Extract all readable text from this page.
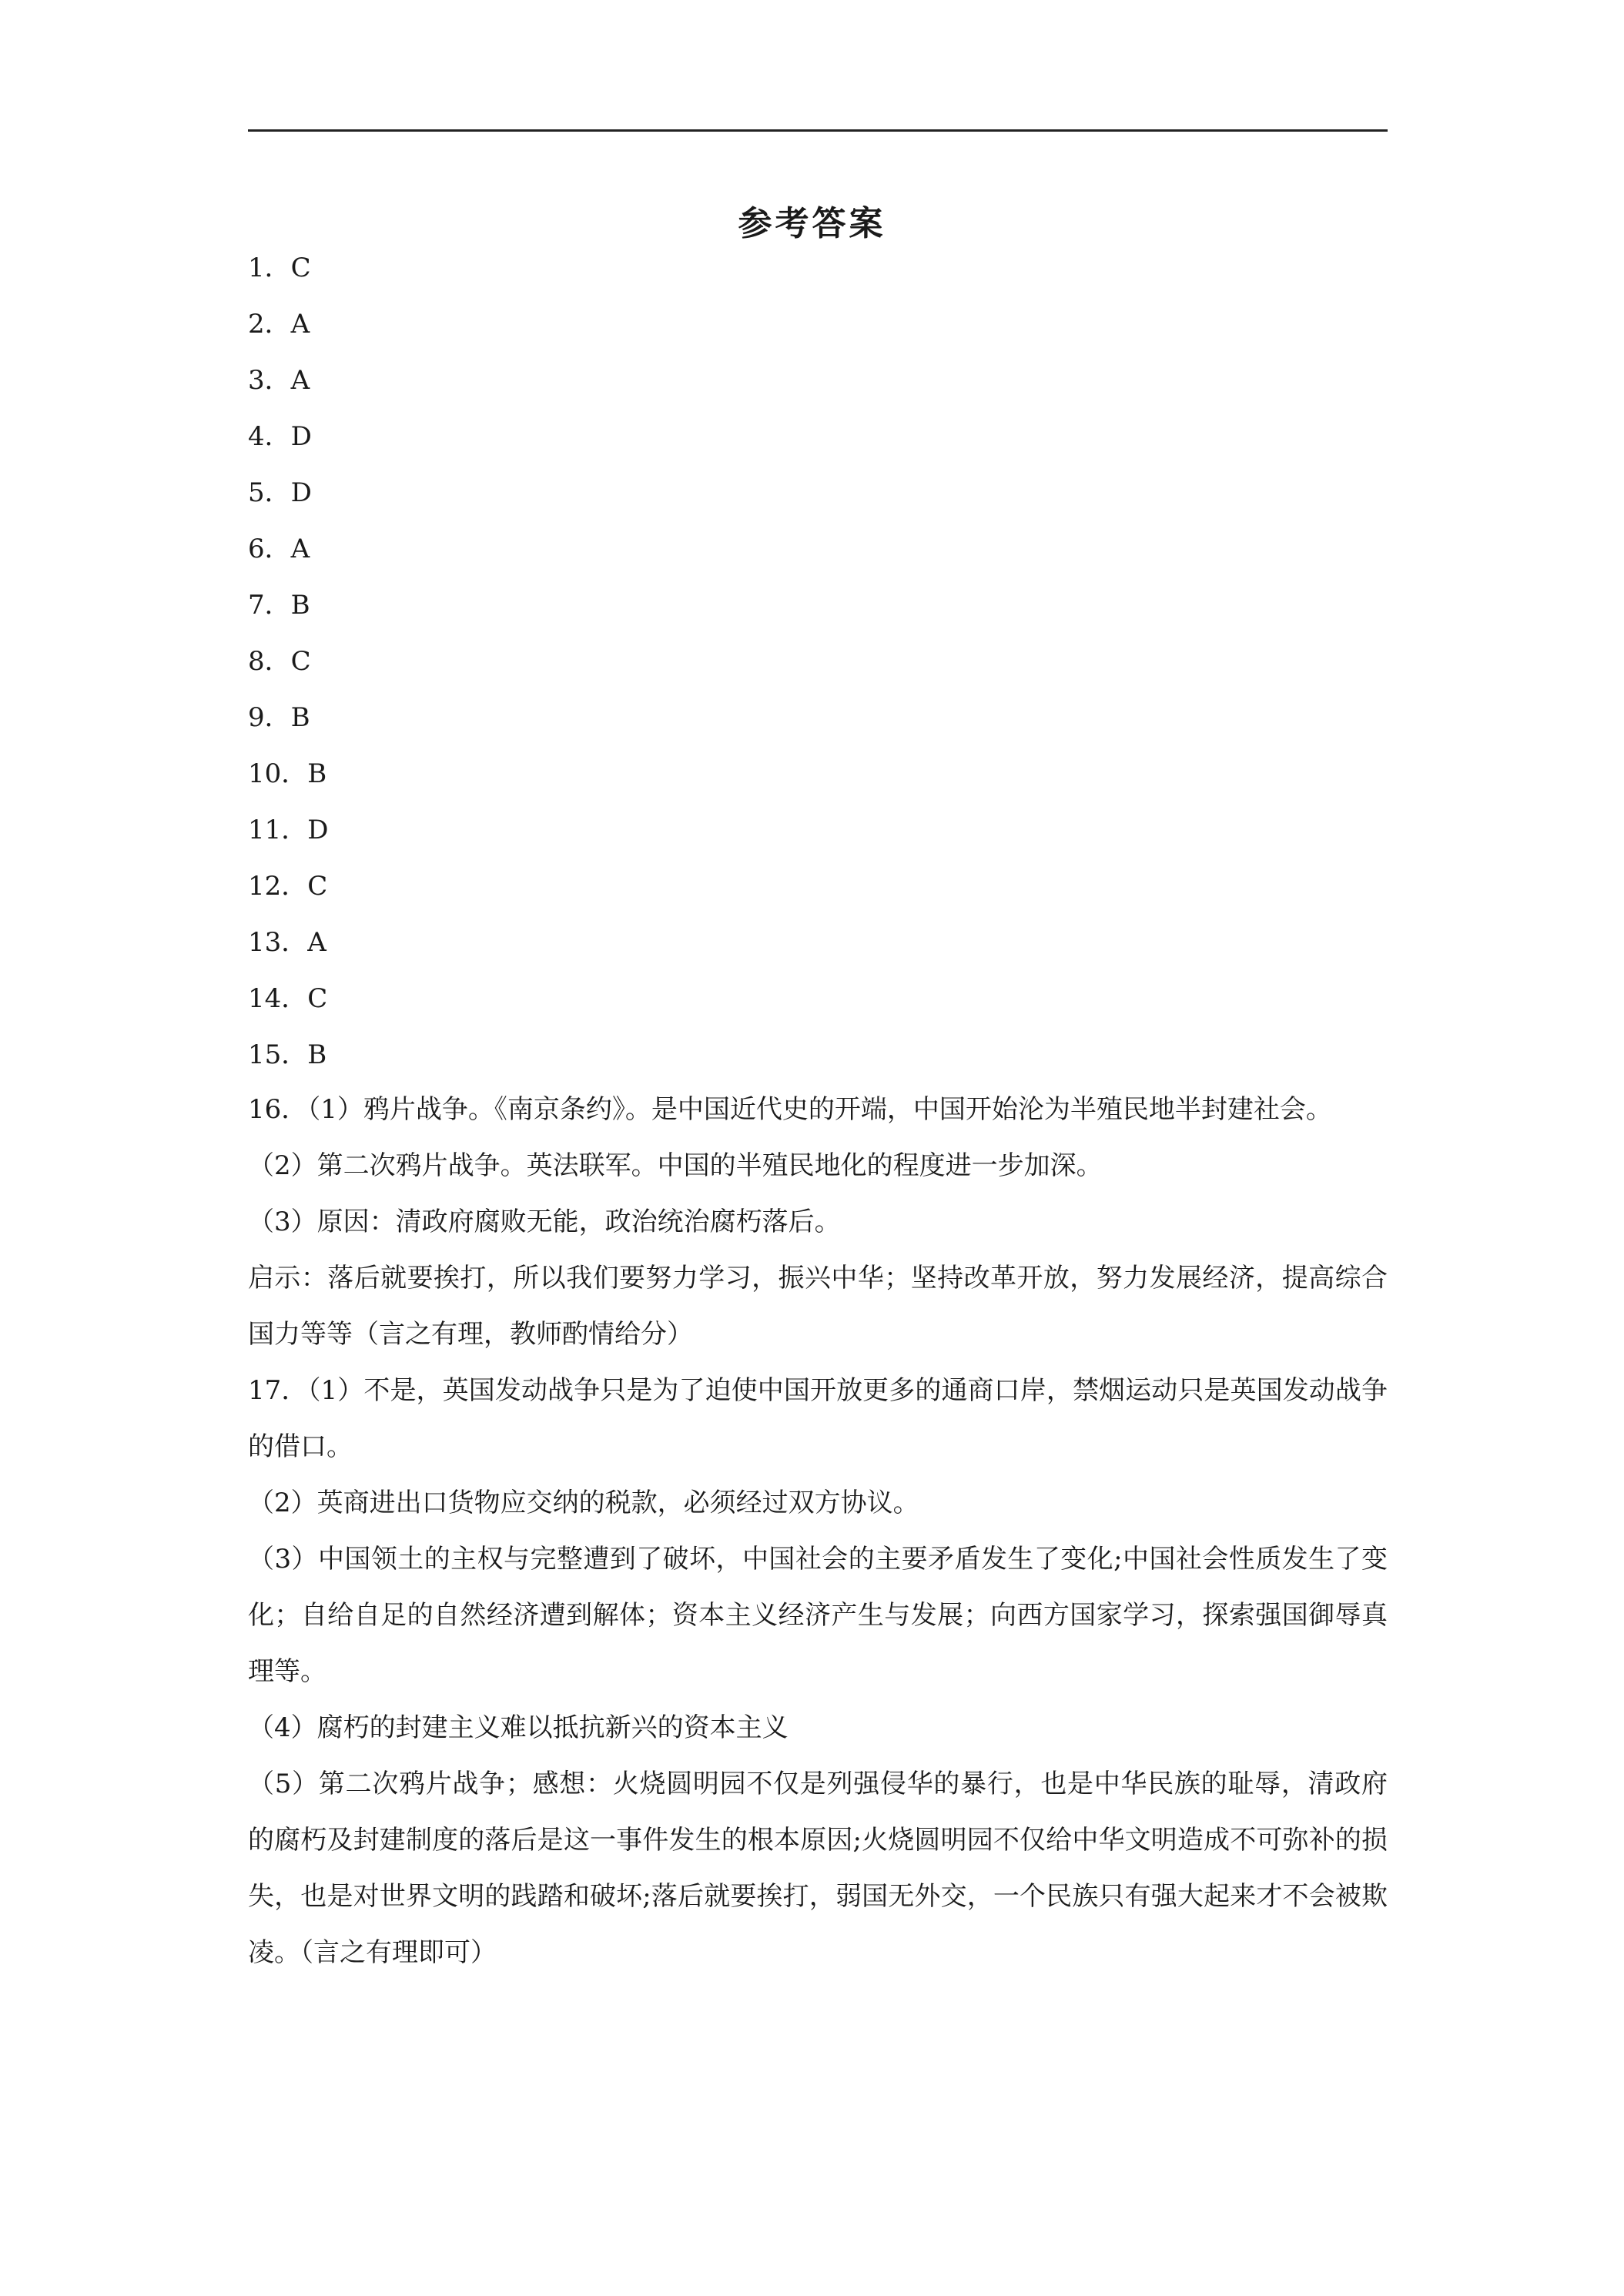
参考答案
1．C
2．A
3．A
4．D
5．D
6．A
7．B
8．C
9．B
10．B
11．D
12．C
13．A
14．C
15．B

16．（1）鸦片战争。《南京条约》。是中国近代史的开端，中国开始沦为半殖民地半封建社会。

（2）第二次鸦片战争。英法联军。中国的半殖民地化的程度进一步加深。

（3）原因：清政府腐败无能，政治统治腐朽落后。

启示：落后就要挨打，所以我们要努力学习，振兴中华；坚持改革开放，努力发展经济，提高综合国力等等（言之有理，教师酌情给分）

17．（1）不是，英国发动战争只是为了迫使中国开放更多的通商口岸，禁烟运动只是英国发动战争的借口。

（2）英商进出口货物应交纳的税款，必须经过双方协议。

（3）中国领土的主权与完整遭到了破坏，中国社会的主要矛盾发生了变化;中国社会性质发生了变化；自给自足的自然经济遭到解体；资本主义经济产生与发展；向西方国家学习，探索强国御辱真理等。

（4）腐朽的封建主义难以抵抗新兴的资本主义

（5）第二次鸦片战争；感想：火烧圆明园不仅是列强侵华的暴行，也是中华民族的耻辱，清政府的腐朽及封建制度的落后是这一事件发生的根本原因;火烧圆明园不仅给中华文明造成不可弥补的损失，也是对世界文明的践踏和破坏;落后就要挨打，弱国无外交，一个民族只有强大起来才不会被欺凌。（言之有理即可）
